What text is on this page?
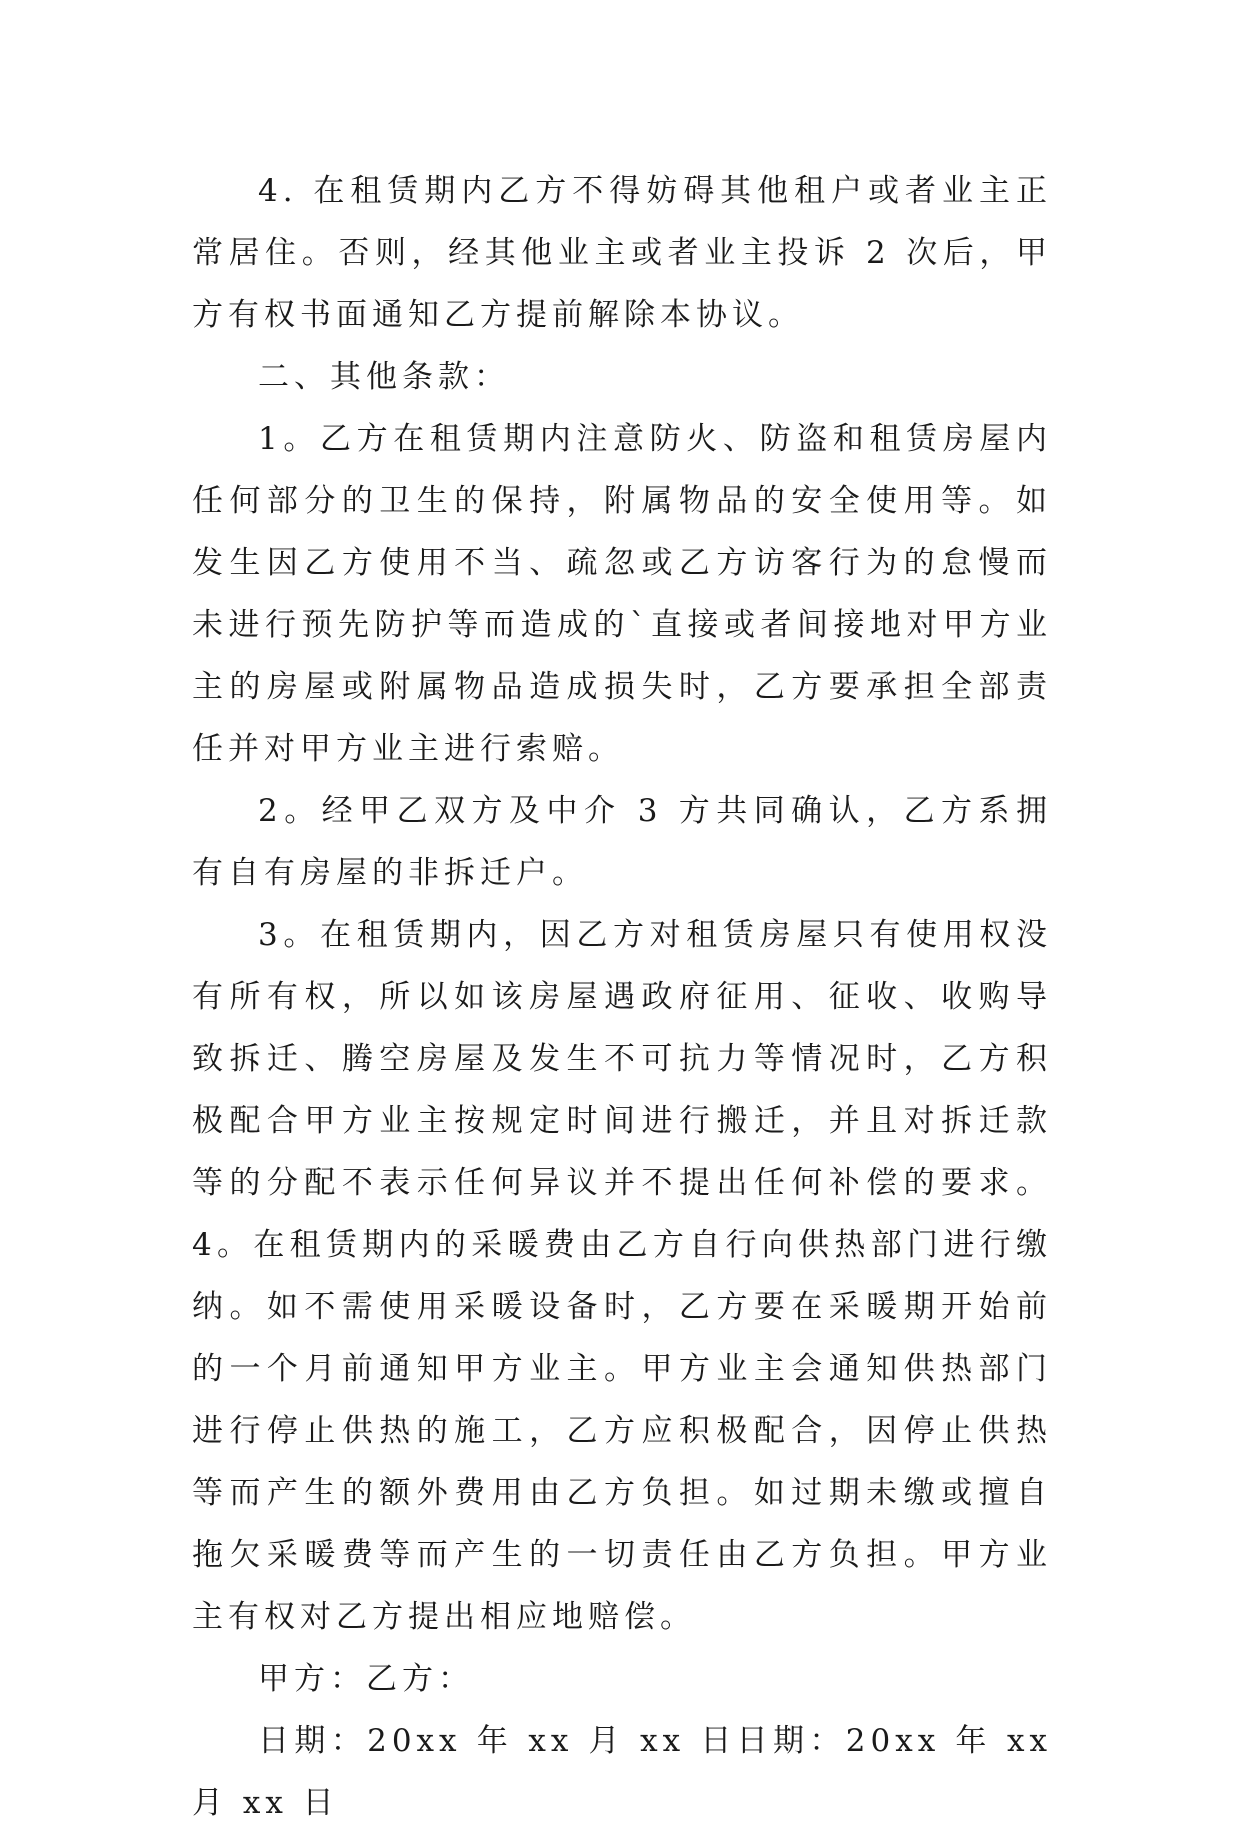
4. 在租赁期内乙方不得妨碍其他租户或者业主正常居住。否则，经其他业主或者业主投诉 2 次后，甲方有权书面通知乙方提前解除本协议。

二、其他条款：

1。乙方在租赁期内注意防火、防盗和租赁房屋内任何部分的卫生的保持，附属物品的安全使用等。如发生因乙方使用不当、疏忽或乙方访客行为的怠慢而未进行预先防护等而造成的`直接或者间接地对甲方业主的房屋或附属物品造成损失时，乙方要承担全部责任并对甲方业主进行索赔。

2。经甲乙双方及中介 3 方共同确认，乙方系拥有自有房屋的非拆迁户。

3。在租赁期内，因乙方对租赁房屋只有使用权没有所有权，所以如该房屋遇政府征用、征收、收购导致拆迁、腾空房屋及发生不可抗力等情况时，乙方积极配合甲方业主按规定时间进行搬迁，并且对拆迁款等的分配不表示任何异议并不提出任何补偿的要求。4。在租赁期内的采暖费由乙方自行向供热部门进行缴纳。如不需使用采暖设备时，乙方要在采暖期开始前的一个月前通知甲方业主。甲方业主会通知供热部门进行停止供热的施工，乙方应积极配合，因停止供热等而产生的额外费用由乙方负担。如过期未缴或擅自拖欠采暖费等而产生的一切责任由乙方负担。甲方业主有权对乙方提出相应地赔偿。

甲方：乙方：

日期：20xx 年 xx 月 xx 日日期：20xx 年 xx 月 xx 日
